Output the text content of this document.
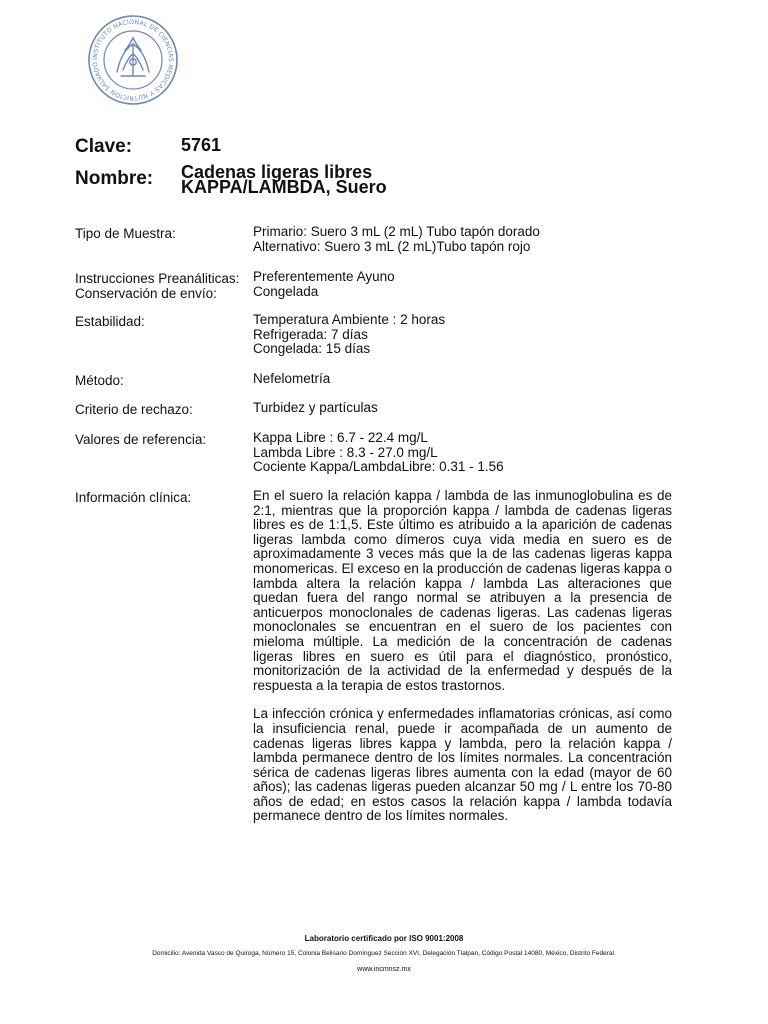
INSTITUTO NACIONAL DE CIENCIAS MEDICAS Y NUTRICION SALVADO
Clave:	5761
Nombre:	Cadenas ligeras libres
KAPPA/LAMBDA, Suero
Tipo de Muestra:	Primario: Suero 3 mL (2 mL) Tubo tapón dorado
Alternativo: Suero 3 mL (2 mL)Tubo tapón rojo
Instrucciones Preanáliticas:	Preferentemente Ayuno
Conservación de envío:	Congelada
Estabilidad:	Temperatura Ambiente : 2 horas
Refrigerada: 7 días
Congelada: 15 días
Método:	Nefelometría
Criterio de rechazo:	Turbidez y partículas
Valores de referencia:	Kappa Libre : 6.7 - 22.4 mg/L
Lambda Libre : 8.3 - 27.0 mg/L
Cociente Kappa/LambdaLibre: 0.31 - 1.56
Información clínica:	En el suero la relación kappa / lambda de las inmunoglobulina es de 2:1, mientras que la proporción kappa / lambda de cadenas ligeras libres es de 1:1,5. Este último es atribuido a la aparición de cadenas ligeras lambda como dímeros cuya vida media en suero es de aproximadamente 3 veces más que la de las cadenas ligeras kappa monomericas. El exceso en la producción de cadenas ligeras kappa o lambda altera la relación kappa / lambda Las alteraciones que quedan fuera del rango normal se atribuyen a la presencia de anticuerpos monoclonales de cadenas ligeras. Las cadenas ligeras monoclonales se encuentran en el suero de los pacientes con mieloma múltiple. La medición de la concentración de cadenas ligeras libres en suero es útil para el diagnóstico, pronóstico, monitorización de la actividad de la enfermedad y después de la respuesta a la terapia de estos trastornos.

La infección crónica y enfermedades inflamatorias crónicas, así como la insuficiencia renal, puede ir acompañada de un aumento de cadenas ligeras libres kappa y lambda, pero la relación kappa / lambda permanece dentro de los límites normales. La concentración sérica de cadenas ligeras libres aumenta con la edad (mayor de 60 años); las cadenas ligeras pueden alcanzar 50 mg / L entre los 70-80 años de edad; en estos casos la relación kappa / lambda todavía permanece dentro de los límites normales.

Laboratorio certificado por ISO 9001:2008
Domicilio: Avenida Vasco de Quiroga, Número 15, Colonia Belisario Domínguez Sección XVI, Delegación Tlalpan, Código Postal 14080, México, Distrito Federal.
www.incmnsz.mx
